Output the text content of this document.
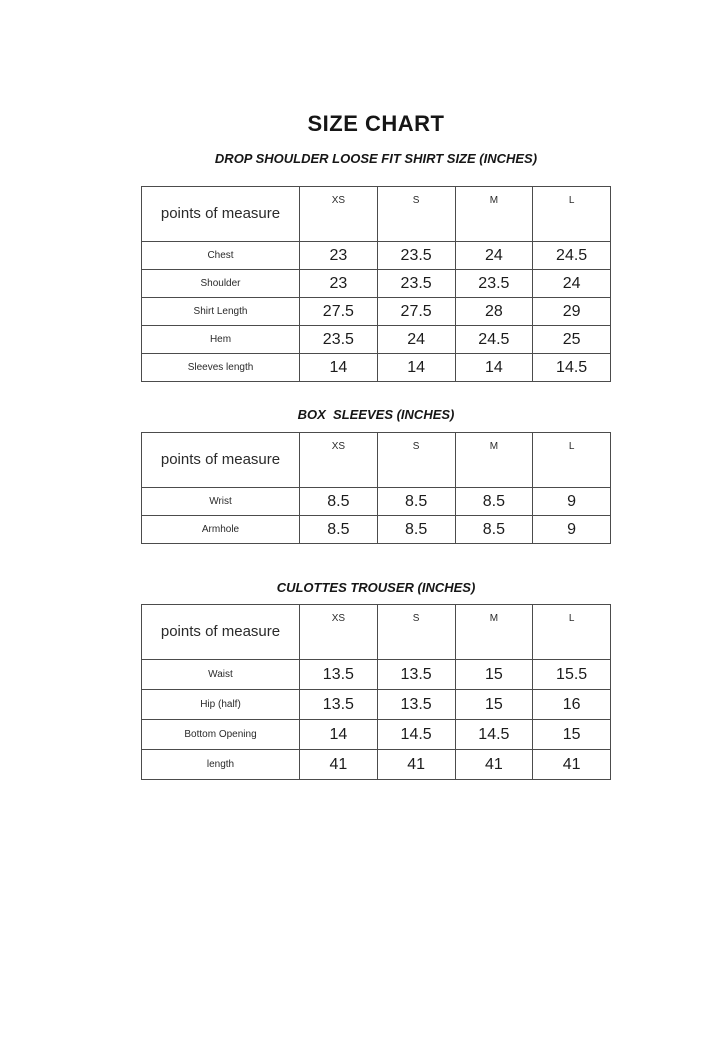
SIZE CHART
DROP SHOULDER LOOSE FIT SHIRT SIZE (INCHES)
points of measure	XS	S	M	L
Chest	23	23.5	24	24.5
Shoulder	23	23.5	23.5	24
Shirt Length	27.5	27.5	28	29
Hem	23.5	24	24.5	25
Sleeves length	14	14	14	14.5
BOX  SLEEVES (INCHES)
points of measure	XS	S	M	L
Wrist	8.5	8.5	8.5	9
Armhole	8.5	8.5	8.5	9
CULOTTES TROUSER (INCHES)
points of measure	XS	S	M	L
Waist	13.5	13.5	15	15.5
Hip (half)	13.5	13.5	15	16
Bottom Opening	14	14.5	14.5	15
length	41	41	41	41
